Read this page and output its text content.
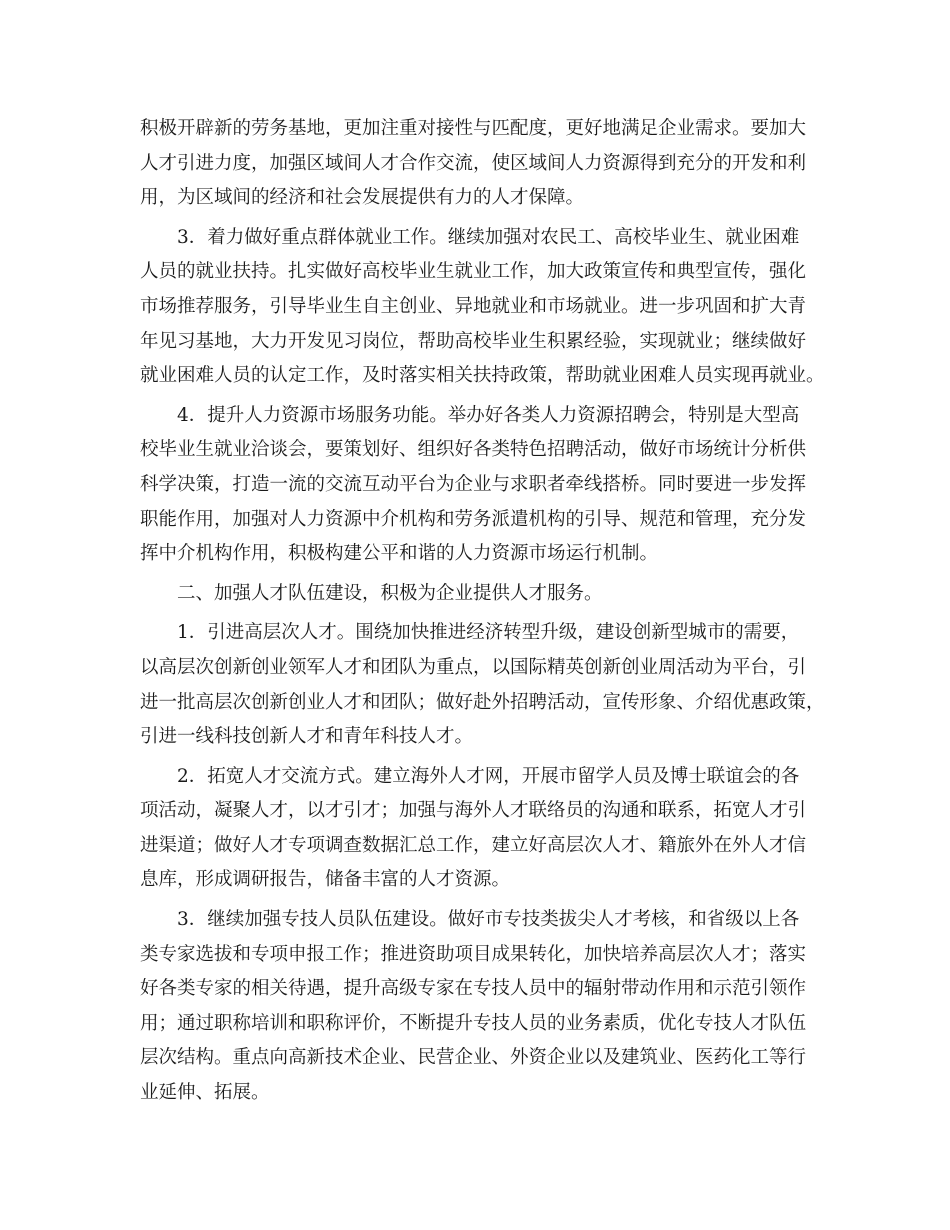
积极开辟新的劳务基地，更加注重对接性与匹配度，更好地满足企业需求。要加大
人才引进力度，加强区域间人才合作交流，使区域间人力资源得到充分的开发和利
用，为区域间的经济和社会发展提供有力的人才保障。
3．着力做好重点群体就业工作。继续加强对农民工、高校毕业生、就业困难
人员的就业扶持。扎实做好高校毕业生就业工作，加大政策宣传和典型宣传，强化
市场推荐服务，引导毕业生自主创业、异地就业和市场就业。进一步巩固和扩大青
年见习基地，大力开发见习岗位，帮助高校毕业生积累经验，实现就业；继续做好
就业困难人员的认定工作，及时落实相关扶持政策，帮助就业困难人员实现再就业。
4．提升人力资源市场服务功能。举办好各类人力资源招聘会，特别是大型高
校毕业生就业洽谈会，要策划好、组织好各类特色招聘活动，做好市场统计分析供
科学决策，打造一流的交流互动平台为企业与求职者牵线搭桥。同时要进一步发挥
职能作用，加强对人力资源中介机构和劳务派遣机构的引导、规范和管理，充分发
挥中介机构作用，积极构建公平和谐的人力资源市场运行机制。
二、加强人才队伍建设，积极为企业提供人才服务。
1．引进高层次人才。围绕加快推进经济转型升级，建设创新型城市的需要，
以高层次创新创业领军人才和团队为重点，以国际精英创新创业周活动为平台，引
进一批高层次创新创业人才和团队；做好赴外招聘活动，宣传形象、介绍优惠政策，
引进一线科技创新人才和青年科技人才。
2．拓宽人才交流方式。建立海外人才网，开展市留学人员及博士联谊会的各
项活动，凝聚人才，以才引才；加强与海外人才联络员的沟通和联系，拓宽人才引
进渠道；做好人才专项调查数据汇总工作，建立好高层次人才、籍旅外在外人才信
息库，形成调研报告，储备丰富的人才资源。
3．继续加强专技人员队伍建设。做好市专技类拔尖人才考核，和省级以上各
类专家选拔和专项申报工作；推进资助项目成果转化，加快培养高层次人才；落实
好各类专家的相关待遇，提升高级专家在专技人员中的辐射带动作用和示范引领作
用；通过职称培训和职称评价，不断提升专技人员的业务素质，优化专技人才队伍
层次结构。重点向高新技术企业、民营企业、外资企业以及建筑业、医药化工等行
业延伸、拓展。
